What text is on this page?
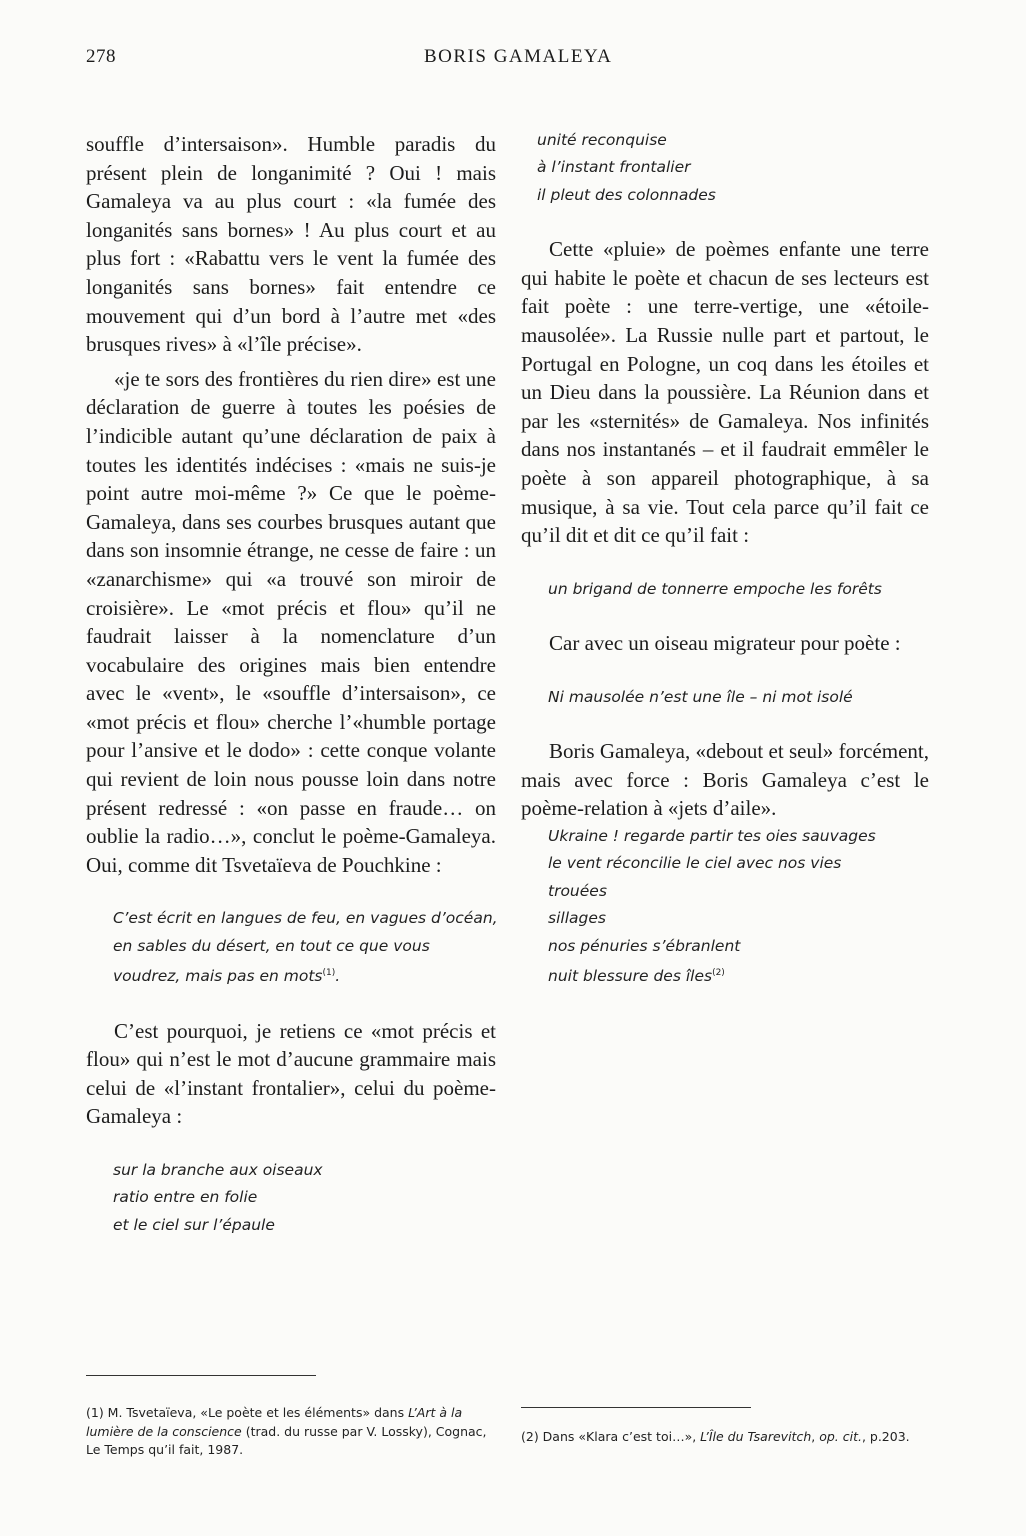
278	BORIS GAMALEYA

souffle d’intersaison». Humble paradis du présent plein de longanimité ? Oui ! mais Gamaleya va au plus court : «la fumée des longanités sans bornes» ! Au plus court et au plus fort : «Rabattu vers le vent la fumée des longanités sans bornes» fait entendre ce mouvement qui d’un bord à l’autre met «des brusques rives» à «l’île précise».

«je te sors des frontières du rien dire» est une déclaration de guerre à toutes les poésies de l’indicible autant qu’une déclaration de paix à toutes les identités indécises : «mais ne suis-je point autre moi-même ?» Ce que le poème-Gamaleya, dans ses courbes brusques autant que dans son insomnie étrange, ne cesse de faire : un «zanarchisme» qui «a trouvé son miroir de croisière». Le «mot précis et flou» qu’il ne faudrait laisser à la nomenclature d’un vocabulaire des origines mais bien entendre avec le «vent», le «souffle d’intersaison», ce «mot précis et flou» cherche l’«humble portage pour l’ansive et le dodo» : cette conque volante qui revient de loin nous pousse loin dans notre présent redressé : «on passe en fraude… on oublie la radio…», conclut le poème-Gamaleya. Oui, comme dit Tsvetaïeva de Pouchkine :

C’est écrit en langues de feu, en vagues d’océan,
en sables du désert, en tout ce que vous
voudrez, mais pas en mots$^{(1)}$.

C’est pourquoi, je retiens ce «mot précis et flou» qui n’est le mot d’aucune grammaire mais celui de «l’instant frontalier», celui du poème-Gamaleya :

sur la branche aux oiseaux
ratio entre en folie
et le ciel sur l’épaule
unité reconquise
à l’instant frontalier
il pleut des colonnades

Cette «pluie» de poèmes enfante une terre qui habite le poète et chacun de ses lecteurs est fait poète : une terre-vertige, une «étoile-mausolée». La Russie nulle part et partout, le Portugal en Pologne, un coq dans les étoiles et un Dieu dans la poussière. La Réunion dans et par les «sternités» de Gamaleya. Nos infinités dans nos instantanés – et il faudrait emmêler le poète à son appareil photographique, à sa musique, à sa vie. Tout cela parce qu’il fait ce qu’il dit et dit ce qu’il fait :

un brigand de tonnerre empoche les forêts

Car avec un oiseau migrateur pour poète :

Ni mausolée n’est une île – ni mot isolé

Boris Gamaleya, «debout et seul» forcément, mais avec force : Boris Gamaleya c’est le poème-relation à «jets d’aile».

Ukraine ! regarde partir tes oies sauvages
le vent réconcilie le ciel avec nos vies
trouées
sillages
nos pénuries s’ébranlent
nuit blessure des îles$^{(2)}$
(1) M. Tsvetaïeva, «Le poète et les éléments» dans L’Art à la lumière de la conscience (trad. du russe par V. Lossky), Cognac, Le Temps qu’il fait, 1987.
(2) Dans «Klara c’est toi…», L’Île du Tsarevitch, op. cit., p.203.
